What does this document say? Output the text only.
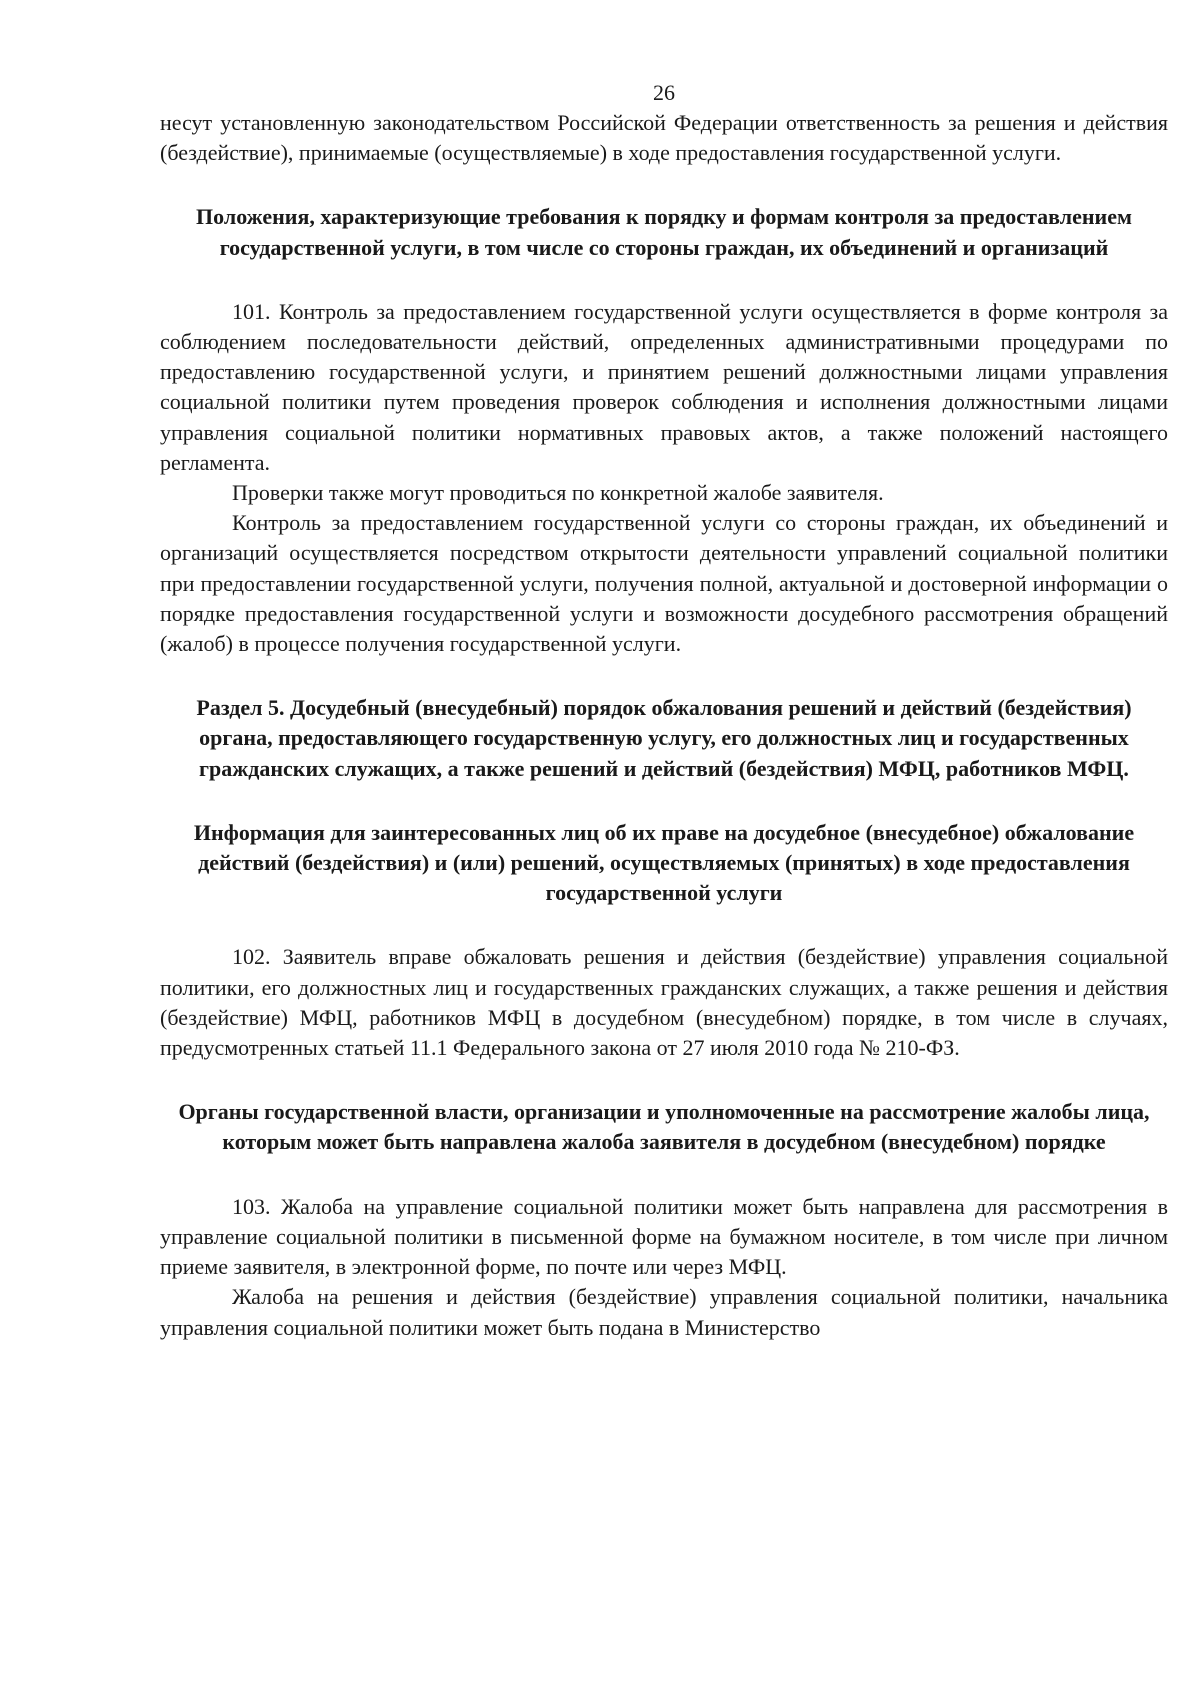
26

несут установленную законодательством Российской Федерации ответственность за решения и действия (бездействие), принимаемые (осуществляемые) в ходе предоставления государственной услуги.

Положения, характеризующие требования к порядку и формам контроля за предоставлением государственной услуги, в том числе со стороны граждан, их объединений и организаций

101. Контроль за предоставлением государственной услуги осуществляется в форме контроля за соблюдением последовательности действий, определенных административными процедурами по предоставлению государственной услуги, и принятием решений должностными лицами управления социальной политики путем проведения проверок соблюдения и исполнения должностными лицами управления социальной политики нормативных правовых актов, а также положений настоящего регламента.

Проверки также могут проводиться по конкретной жалобе заявителя.

Контроль за предоставлением государственной услуги со стороны граждан, их объединений и организаций осуществляется посредством открытости деятельности управлений социальной политики при предоставлении государственной услуги, получения полной, актуальной и достоверной информации о порядке предоставления государственной услуги и возможности досудебного рассмотрения обращений (жалоб) в процессе получения государственной услуги.

Раздел 5. Досудебный (внесудебный) порядок обжалования решений и действий (бездействия) органа, предоставляющего государственную услугу, его должностных лиц и государственных гражданских служащих, а также решений и действий (бездействия) МФЦ, работников МФЦ.

Информация для заинтересованных лиц об их праве на досудебное (внесудебное) обжалование действий (бездействия) и (или) решений, осуществляемых (принятых) в ходе предоставления государственной услуги

102. Заявитель вправе обжаловать решения и действия (бездействие) управления социальной политики, его должностных лиц и государственных гражданских служащих, а также решения и действия (бездействие) МФЦ, работников МФЦ в досудебном (внесудебном) порядке, в том числе в случаях, предусмотренных статьей 11.1 Федерального закона от 27 июля 2010 года № 210-ФЗ.

Органы государственной власти, организации и уполномоченные на рассмотрение жалобы лица, которым может быть направлена жалоба заявителя в досудебном (внесудебном) порядке

103. Жалоба на управление социальной политики может быть направлена для рассмотрения в управление социальной политики в письменной форме на бумажном носителе, в том числе при личном приеме заявителя, в электронной форме, по почте или через МФЦ.

Жалоба на решения и действия (бездействие) управления социальной политики, начальника управления социальной политики может быть подана в Министерство
